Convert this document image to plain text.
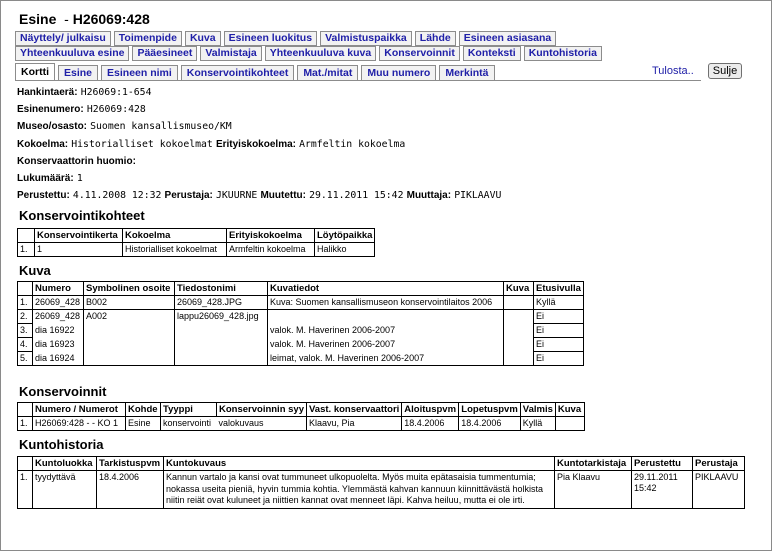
Esine - H26069:428
Näyttely/ julkaisu	Toimenpide	Kuva	Esineen luokitus	Valmistuspaikka	Lähde	Esineen asiasana
Yhteenkuuluva esine	Pääesineet	Valmistaja	Yhteenkuuluva kuva	Konservoinnit	Konteksti	Kuntohistoria
Kortti	Esine	Esineen nimi	Konservointikohteet	Mat./mitat	Muu numero	Merkintä	Tulosta..	Sulje
Hankintaerä: H26069:1-654
Esinenumero: H26069:428
Museo/osasto: Suomen kansallismuseo/KM
Kokoelma: Historialliset kokoelmat Erityiskokoelma: Armfeltin kokoelma
Konservaattorin huomio:
Lukumäärä: 1
Perustettu: 4.11.2008 12:32 Perustaja: JKUURNE Muutettu: 29.11.2011 15:42 Muuttaja: PIKLAAVU
Konservointikohteet
	Konservointikerta	Kokoelma	Erityiskokoelma	Löytöpaikka
1.	1	Historialliset kokoelmat	Armfeltin kokoelma	Halikko
Kuva
	Numero	Symbolinen osoite	Tiedostonimi	Kuvatiedot	Kuva	Etusivulla
1.	26069_428	B002	26069_428.JPG	Kuva: Suomen kansallismuseon konservointilaitos 2006		Kyllä
2.	26069_428	A002	lappu26069_428.jpg			Ei
3.	dia 16922			valok. M. Haverinen 2006-2007		Ei
4.	dia 16923			valok. M. Haverinen 2006-2007		Ei
5.	dia 16924			leimat, valok. M. Haverinen 2006-2007		Ei
Konservoinnit
	Numero / Numerot	Kohde	Tyyppi	Konservoinnin syy	Vast. konservaattori	Aloituspvm	Lopetuspvm	Valmis	Kuva
1.	H26069:428 - - KO 1	Esine	konservointi	valokuvaus	Klaavu, Pia	18.4.2006	18.4.2006	Kyllä	
Kuntohistoria
	Kuntoluokka	Tarkistuspvm	Kuntokuvaus	Kuntotarkistaja	Perustettu	Perustaja
1.	tyydyttävä	18.4.2006	Kannun vartalo ja kansi ovat tummuneet ulkopuolelta. Myös muita epätasaisia tummentumia; nokassa useita pieniä, hyvin tummia kohtia. Ylemmästä kahvan kannuun kiinnittävästä holkista niitin reiät ovat kuluneet ja niittien kannat ovat menneet läpi. Kahva heiluu, mutta ei ole irti.	Pia Klaavu	29.11.2011 15:42	PIKLAAVU
